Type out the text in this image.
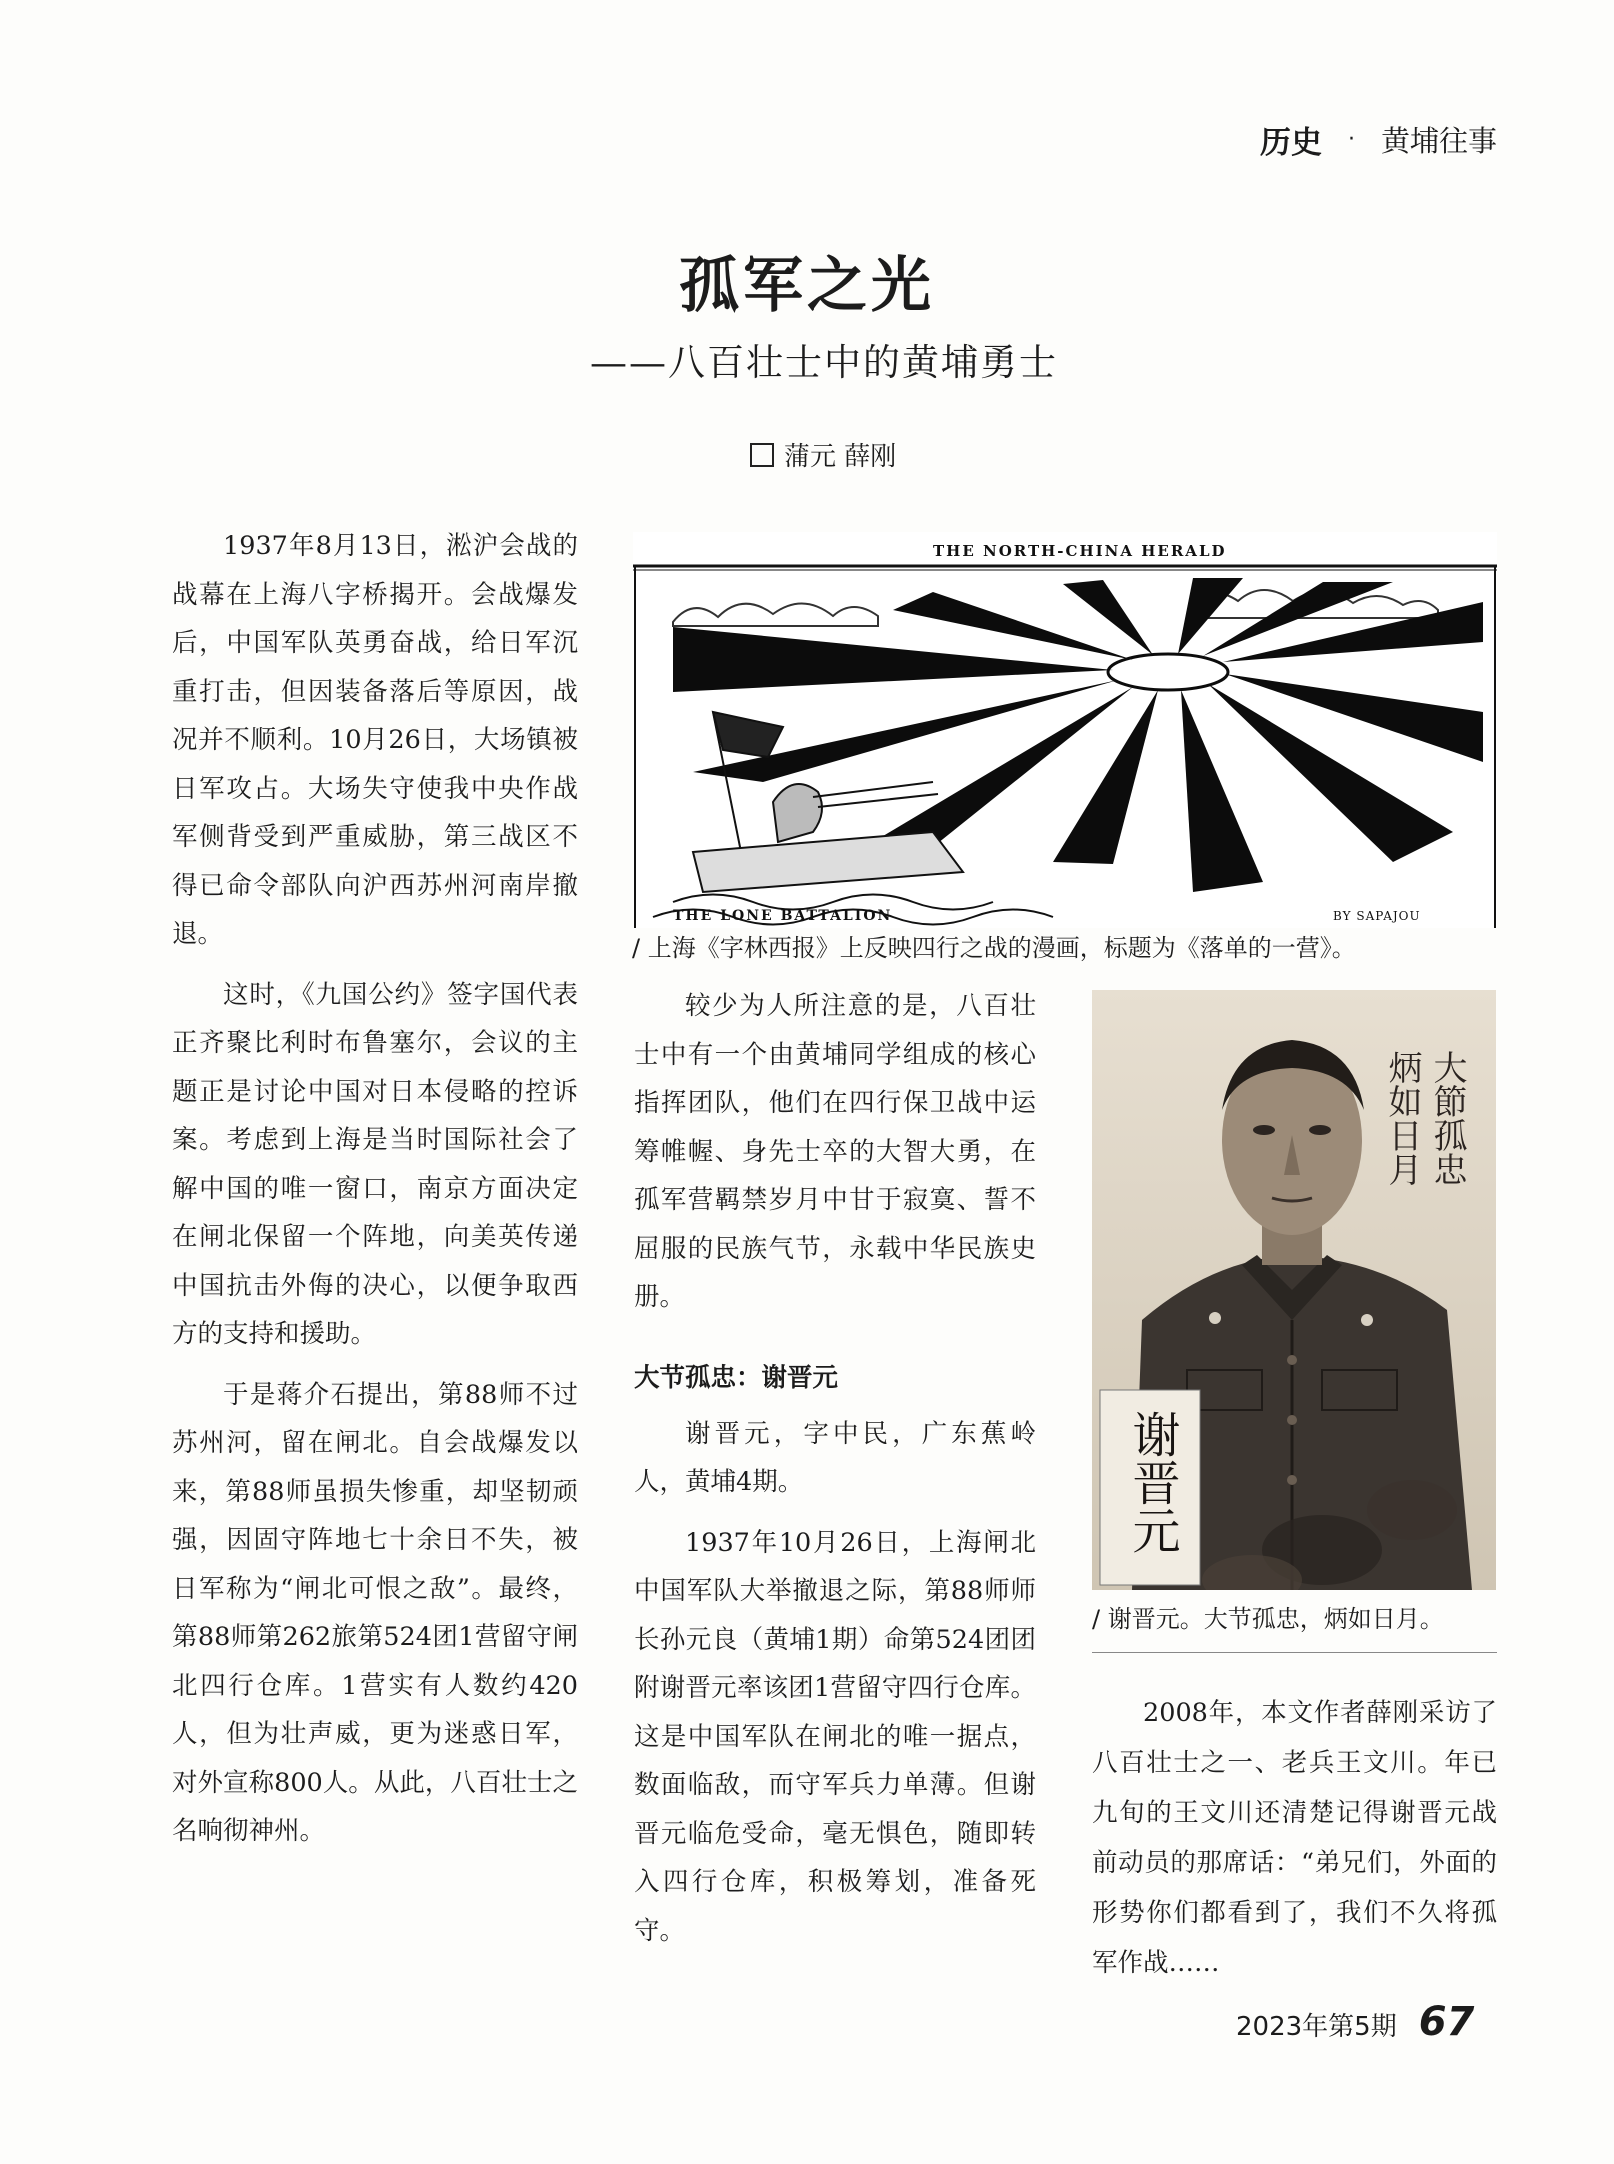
历史 · 黄埔往事
孤军之光
——八百壮士中的黄埔勇士
蒲元 薛刚

1937年8月13日，淞沪会战的战幕在上海八字桥揭开。会战爆发后，中国军队英勇奋战，给日军沉重打击，但因装备落后等原因，战况并不顺利。10月26日，大场镇被日军攻占。大场失守使我中央作战军侧背受到严重威胁，第三战区不得已命令部队向沪西苏州河南岸撤退。

这时，《九国公约》签字国代表正齐聚比利时布鲁塞尔，会议的主题正是讨论中国对日本侵略的控诉案。考虑到上海是当时国际社会了解中国的唯一窗口，南京方面决定在闸北保留一个阵地，向美英传递中国抗击外侮的决心，以便争取西方的支持和援助。

于是蒋介石提出，第88师不过苏州河，留在闸北。自会战爆发以来，第88师虽损失惨重，却坚韧顽强，因固守阵地七十余日不失，被日军称为“闸北可恨之敌”。最终，第88师第262旅第524团1营留守闸北四行仓库。1营实有人数约420人，但为壮声威，更为迷惑日军，对外宣称800人。从此，八百壮士之名响彻神州。

THE NORTH-CHINA HERALD
THE LONE BATTALION	BY SAPAJOU
/ 上海《字林西报》上反映四行之战的漫画，标题为《落单的一营》。

较少为人所注意的是，八百壮士中有一个由黄埔同学组成的核心指挥团队，他们在四行保卫战中运筹帷幄、身先士卒的大智大勇，在孤军营羁禁岁月中甘于寂寞、誓不屈服的民族气节，永载中华民族史册。

大节孤忠：谢晋元

谢晋元，字中民，广东蕉岭人，黄埔4期。

1937年10月26日，上海闸北中国军队大举撤退之际，第88师师长孙元良（黄埔1期）命第524团团附谢晋元率该团1营留守四行仓库。这是中国军队在闸北的唯一据点，数面临敌，而守军兵力单薄。但谢晋元临危受命，毫无惧色，随即转入四行仓库，积极筹划，准备死守。

大節孤忠
炳如日月
谢晋元
/ 谢晋元。大节孤忠，炳如日月。

2008年，本文作者薛刚采访了八百壮士之一、老兵王文川。年已九旬的王文川还清楚记得谢晋元战前动员的那席话：“弟兄们，外面的形势你们都看到了，我们不久将孤军作战……

2023年第5期 67
